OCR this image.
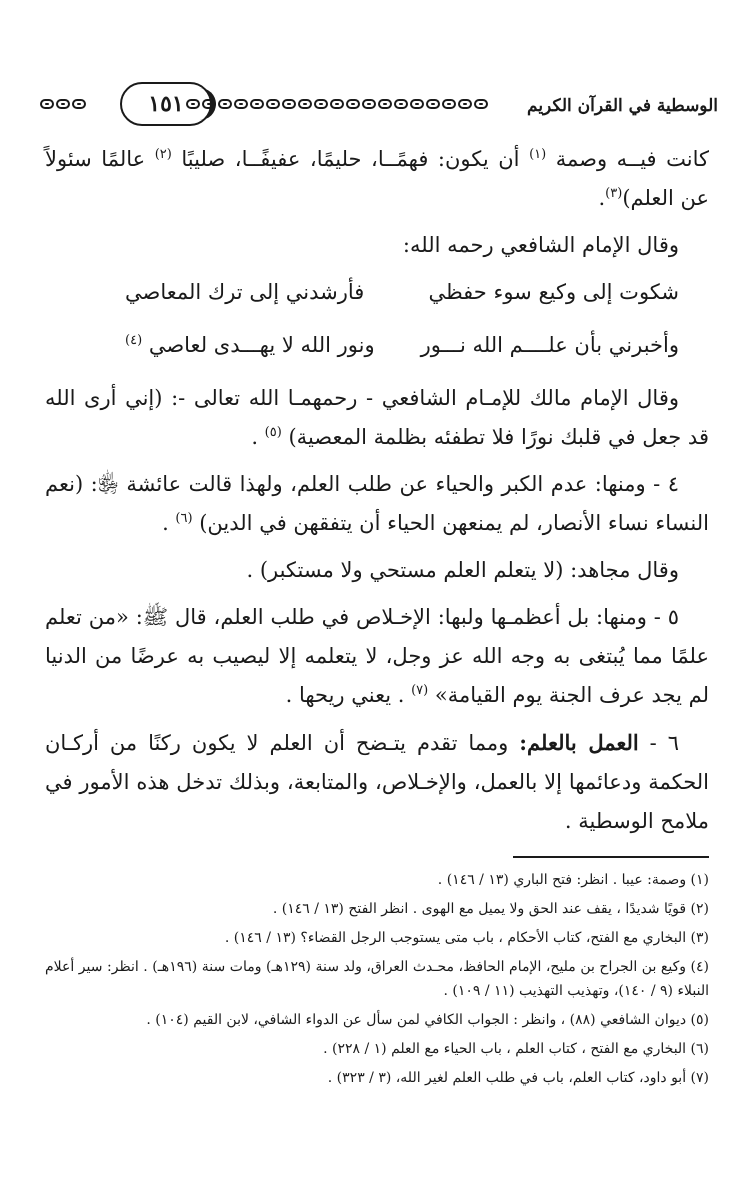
الوسطية في القرآن الكريم
١٥١

كانت فيــه وصمة $^{(١)}$ أن يكون: فهمًــا، حليمًا، عفيفًــا، صليبًا $^{(٢)}$ عالمًا سئولاً عن العلم)$^{(٣)}$.

وقال الإمام الشافعي رحمه الله:

شكوت إلى وكيع سوء حفظي
فأرشدني إلى ترك المعاصي
وأخبرني بأن علــــم الله نـــور
ونور الله لا يهـــدى لعاصي $^{(٤)}$

وقال الإمام مالك للإمـام الشافعي - رحمهمـا الله تعالى -: (إني أرى الله قد جعل في قلبك نورًا فلا تطفئه بظلمة المعصية) $^{(٥)}$ .

٤ - ومنها: عدم الكبر والحياء عن طلب العلم، ولهذا قالت عائشة ﵂: (نعم النساء نساء الأنصار، لم يمنعهن الحياء أن يتفقهن في الدين) $^{(٦)}$ .

وقال مجاهد: (لا يتعلم العلم مستحي ولا مستكبر) .

٥ - ومنها: بل أعظمـها ولبها: الإخـلاص في طلب العلم، قال ﷺ: «من تعلم علمًا مما يُبتغى به وجه الله عز وجل، لا يتعلمه إلا ليصيب به عرضًا من الدنيا لم يجد عرف الجنة يوم القيامة» $^{(٧)}$ . يعني ريحها .

٦ - العمل بالعلم: ومما تقدم يتـضح أن العلم لا يكون ركنًا من أركـان الحكمة ودعائمها إلا بالعمل، والإخـلاص، والمتابعة، وبذلك تدخل هذه الأمور في ملامح الوسطية .

(١) وصمة: عيبا . انظر: فتح الباري (١٣ / ١٤٦) .

(٢) قويًا شديدًا ، يقف عند الحق ولا يميل مع الهوى . انظر الفتح (١٣ / ١٤٦) .

(٣) البخاري مع الفتح، كتاب الأحكام ، باب متى يستوجب الرجل القضاء؟ (١٣ / ١٤٦) .

(٤) وكيع بن الجراح بن مليح، الإمام الحافظ، محـدث العراق، ولد سنة (١٢٩هـ) ومات سنة (١٩٦هـ) . انظر: سير أعلام النبلاء (٩ / ١٤٠)، وتهذيب التهذيب (١١ / ١٠٩) .

(٥) ديوان الشافعي (٨٨) ، وانظر : الجواب الكافي لمن سأل عن الدواء الشافي، لابن القيم (١٠٤) .

(٦) البخاري مع الفتح ، كتاب العلم ، باب الحياء مع العلم (١ / ٢٢٨) .

(٧) أبو داود، كتاب العلم، باب في طلب العلم لغير الله، (٣ / ٣٢٣) .
